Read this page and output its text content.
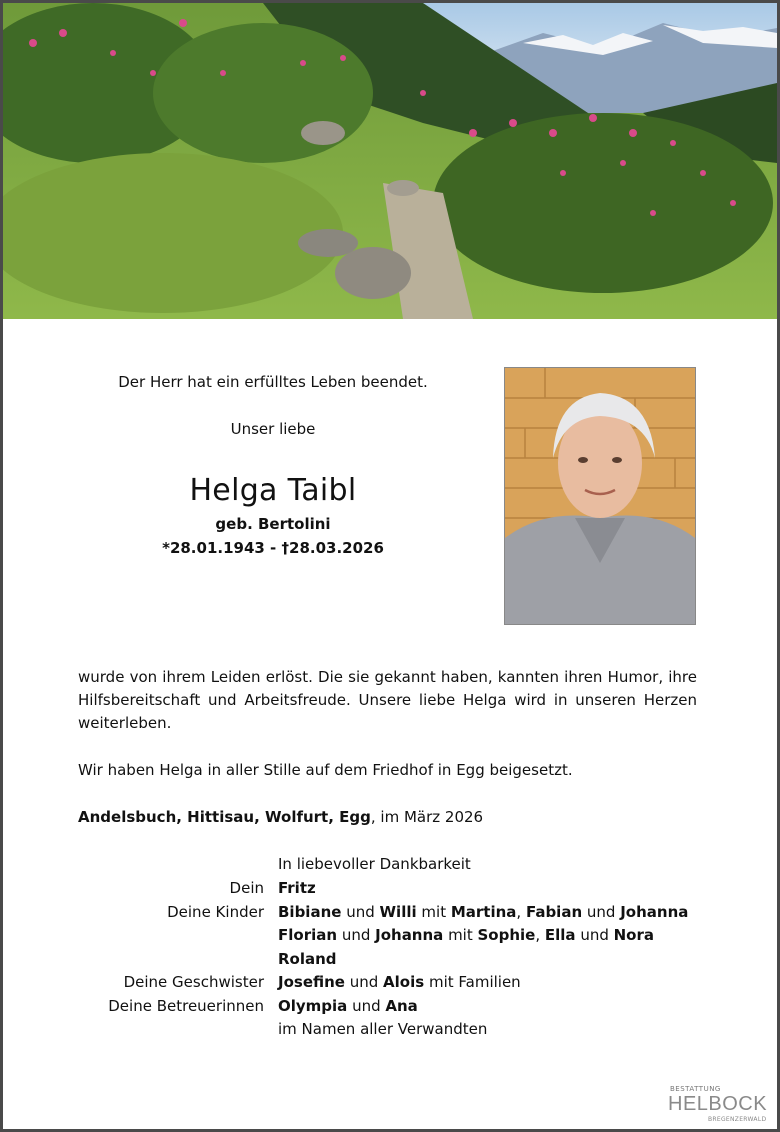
Der Herr hat ein erfülltes Leben beendet.
Unser liebe
Helga Taibl
geb. Bertolini
*28.01.1943 - †28.03.2026
wurde von ihrem Leiden erlöst. Die sie gekannt haben, kannten ihren Humor, ihre Hilfsbereitschaft und Arbeitsfreude. Unsere liebe Helga wird in unseren Herzen weiterleben.
Wir haben Helga in aller Stille auf dem Friedhof in Egg beigesetzt.
Andelsbuch, Hittisau, Wolfurt, Egg, im März 2026
In liebevoller Dankbarkeit
Dein Fritz
Deine Kinder Bibiane und Willi mit Martina, Fabian und Johanna
Florian und Johanna mit Sophie, Ella und Nora
Roland
Deine Geschwister Josefine und Alois mit Familien
Deine Betreuerinnen Olympia und Ana
im Namen aller Verwandten
BESTATTUNG
HELBOCK
BREGENZERWALD
